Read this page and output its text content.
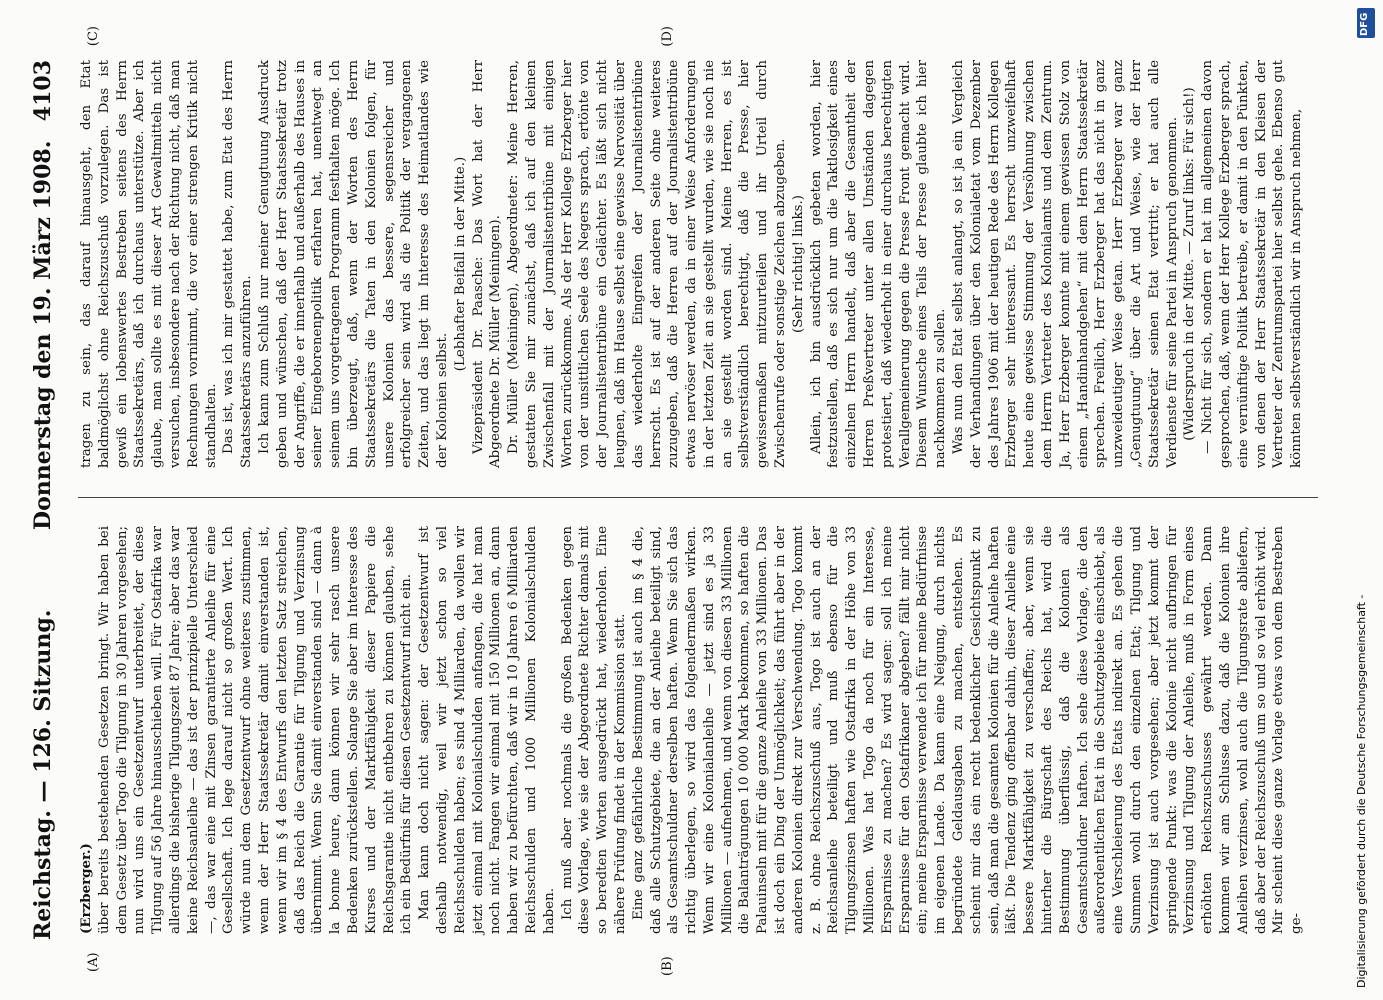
Reichstag. — 126. Sitzung.
Donnerstag den 19. März 1908.
4103
(A)	(B)
(C)	(D)

(Erzberger.) über bereits bestehenden Gesetzen bringt. Wir haben bei dem Gesetz über Togo die Tilgung in 30 Jahren vorgesehen; nun wird uns ein Gesetzentwurf unterbreitet, der diese Tilgung auf 56 Jahre hinausschieben will. Für Ostafrika war allerdings die bisherige Tilgungszeit 87 Jahre; aber das war keine Reichsanleihe — das ist der prinzipielle Unterschied —, das war eine mit Zinsen garantierte Anleihe für eine Gesellschaft. Ich lege darauf nicht so großen Wert. Ich würde nun dem Gesetzentwurf ohne weiteres zustimmen, wenn der Herr Staatssekretär damit einverstanden ist, wenn wir im § 4 des Entwurfs den letzten Satz streichen, daß das Reich die Garantie für Tilgung und Verzinsung übernimmt. Wenn Sie damit einverstanden sind — dann à la bonne heure, dann können wir sehr rasch unsere Bedenken zurückstellen. Solange Sie aber im Interesse des Kurses und der Marktfähigkeit dieser Papiere die Reichsgarantie nicht entbehren zu können glauben, sehe ich ein Bedürfnis für diesen Gesetzentwurf nicht ein. Man kann doch nicht sagen: der Gesetzentwurf ist deshalb notwendig, weil wir jetzt schon so viel Reichsschulden haben; es sind 4 Milliarden, da wollen wir jetzt einmal mit Kolonialschulden anfangen, die hat man noch nicht. Fangen wir einmal mit 150 Millionen an, dann haben wir zu befürchten, daß wir in 10 Jahren 6 Milliarden Reichsschulden und 1000 Millionen Kolonialschulden haben. Ich muß aber nochmals die großen Bedenken gegen diese Vorlage, wie sie der Abgeordnete Richter damals mit so beredten Worten ausgedrückt hat, wiederholen. Eine nähere Prüfung findet in der Kommission statt. Eine ganz gefährliche Bestimmung ist auch im § 4 die, daß alle Schutzgebiete, die an der Anleihe beteiligt sind, als Gesamtschuldner derselben haften. Wenn Sie sich das richtig überlegen, so wird das folgendermaßen wirken. Wenn wir eine Kolonialanleihe — jetzt sind es ja 33 Millionen — aufnehmen, und wenn von diesen 33 Millionen die Balanträgungen 10 000 Mark bekommen, so haften die Palauinseln mit für die ganze Anleihe von 33 Millionen. Das ist doch ein Ding der Unmöglichkeit; das führt aber in der anderen Kolonien direkt zur Verschwendung. Togo kommt z. B. ohne Reichszuschuß aus, Togo ist auch an der Reichsanleihe beteiligt und muß ebenso für die Tilgungszinsen haften wie Ostafrika in der Höhe von 33 Millionen. Was hat Togo da noch für ein Interesse, Ersparnisse zu machen? Es wird sagen: soll ich meine Ersparnisse für den Ostafrikaner abgeben? fällt mir nicht ein; meine Ersparnisse verwende ich für meine Bedürfnisse im eigenen Lande. Da kann eine Neigung, durch nichts begründete Geldausgaben zu machen, entstehen. Es scheint mir das ein recht bedenklicher Gesichtspunkt zu sein, daß man die gesamten Kolonien für die Anleihe haften läßt. Die Tendenz ging offenbar dahin, dieser Anleihe eine bessere Marktfähigkeit zu verschaffen; aber, wenn sie hinterher die Bürgschaft des Reichs hat, wird die Bestimmung überflüssig, daß die Kolonien als Gesamtschuldner haften. Ich sehe diese Vorlage, die den außerordentlichen Etat in die Schutzgebiete einschiebt, als eine Verschleierung des Etats indirekt an. Es gehen die Summen wohl durch den einzelnen Etat; Tilgung und Verzinsung ist auch vorgesehen; aber jetzt kommt der springende Punkt: was die Kolonie nicht aufbringen für Verzinsung und Tilgung der Anleihe, muß in Form eines erhöhten Reichszuschusses gewährt werden. Dann kommen wir am Schlusse dazu, daß die Kolonien ihre Anleihen verzinsen, wohl auch die Tilgungsrate abliefern, daß aber der Reichszuschuß um so und so viel erhöht wird. Mir scheint diese ganze Vorlage etwas von dem Bestreben ge-

tragen zu sein, das darauf hinausgeht, den Etat baldmöglichst ohne Reichszuschuß vorzulegen. Das ist gewiß ein lobenswertes Bestreben seitens des Herrn Staatssekretärs, daß ich durchaus unterstütze. Aber ich glaube, man sollte es mit dieser Art Gewaltmitteln nicht versuchen, insbesondere nach der Richtung nicht, daß man Rechnungen vornimmt, die vor einer strengen Kritik nicht standhalten. Das ist, was ich mir gestattet habe, zum Etat des Herrn Staatssekretärs anzuführen. Ich kann zum Schluß nur meiner Genugtuung Ausdruck geben und wünschen, daß der Herr Staatssekretär trotz der Angriffe, die er innerhalb und außerhalb des Hauses in seiner Eingeborenenpolitik erfahren hat, unentwegt an seinem uns vorgetragenen Programm festhalten möge. Ich bin überzeugt, daß, wenn der Worten des Herrn Staatssekretärs die Taten in den Kolonien folgen, für unsere Kolonien das bessere, segensreicher und erfolgreicher sein wird als die Politik der vergangenen Zeiten, und das liegt im Interesse des Heimatlandes wie der Kolonien selbst.

(Lebhafter Beifall in der Mitte.) Vizepräsident Dr. Paasche: Das Wort hat der Herr Abgeordnete Dr. Müller (Meiningen). Dr. Müller (Meiningen), Abgeordneter: Meine Herren, gestatten Sie mir zunächst, daß ich auf den kleinen Zwischenfall mit der Journalistentribüne mit einigen Worten zurückkomme. Als der Herr Kollege Erzberger hier von der unsittlichen Seele des Negers sprach, ertönte von der Journalistentribüne ein Gelächter. Es läßt sich nicht leugnen, daß im Hause selbst eine gewisse Nervosität über das wiederholte Eingreifen der Journalistentribüne herrscht. Es ist auf der anderen Seite ohne weiteres zuzugeben, daß die Herren auf der Journalistentribüne etwas nervöser werden, da in einer Weise Anforderungen in der letzten Zeit an sie gestellt wurden, wie sie noch nie an sie gestellt worden sind. Meine Herren, es ist selbstverständlich berechtigt, daß die Presse, hier gewissermaßen mitzuurteilen und ihr Urteil durch Zwischenrufe oder sonstige Zeichen abzugeben. (Sehr richtig! links.) Allein, ich bin ausdrücklich gebeten worden, hier festzustellen, daß es sich nur um die Taktlosigkeit eines einzelnen Herrn handelt, daß aber die Gesamtheit der Herren Preßvertreter unter allen Umständen dagegen protestiert, daß wiederholt in einer durchaus berechtigten Verallgemeinerung gegen die Presse Front gemacht wird. Diesem Wunsche eines Teils der Presse glaubte ich hier nachkommen zu sollen. Was nun den Etat selbst anlangt, so ist ja ein Vergleich der Verhandlungen über den Kolonialetat vom Dezember des Jahres 1906 mit der heutigen Rede des Herrn Kollegen Erzberger sehr interessant. Es herrscht unzweifelhaft heute eine gewisse Stimmung der Versöhnung zwischen dem Herrn Vertreter des Kolonialamts und dem Zentrum. Ja, Herr Erzberger konnte mit einem gewissen Stolz von einem „Handinhandgehen“ mit dem Herrn Staatssekretär sprechen. Freilich, Herr Erzberger hat das nicht in ganz unzweideutiger Weise getan. Herr Erzberger war ganz „Genugtuung“ über die Art und Weise, wie der Herr Staatssekretär seinen Etat vertritt; er hat auch alle Verdienste für seine Partei in Anspruch genommen. (Widerspruch in der Mitte. — Zuruf links: Für sich!) — Nicht für sich, sondern er hat im allgemeinen davon gesprochen, daß, wenn der Herr Kollege Erzberger sprach, eine vernünftige Politik betreibe, er damit in den Pünkten, von denen der Herr Staatssekretär in den Kleisen der Vertreter der Zentrumspartei hier selbst gehe. Ebenso gut könnten selbstverständlich wir in Anspruch nehmen,

Digitalisierung gefördert durch die Deutsche Forschungsgemeinschaft -
DFG
